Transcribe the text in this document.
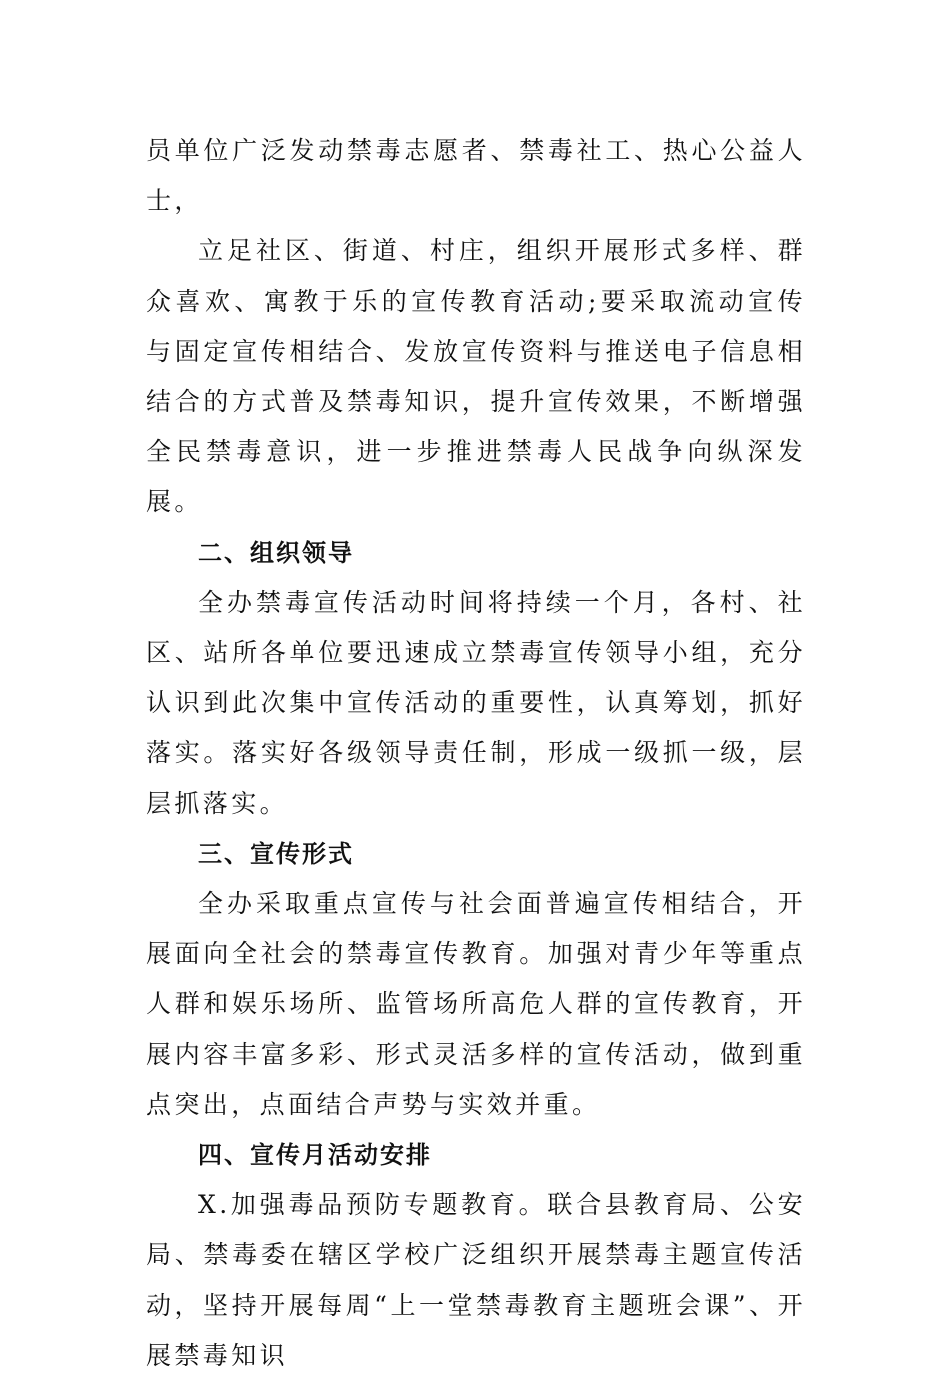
员单位广泛发动禁毒志愿者、禁毒社工、热心公益人士，

立足社区、街道、村庄，组织开展形式多样、群众喜欢、寓教于乐的宣传教育活动;要采取流动宣传与固定宣传相结合、发放宣传资料与推送电子信息相结合的方式普及禁毒知识，提升宣传效果，不断增强全民禁毒意识，进一步推进禁毒人民战争向纵深发展。

二、组织领导

全办禁毒宣传活动时间将持续一个月，各村、社区、站所各单位要迅速成立禁毒宣传领导小组，充分认识到此次集中宣传活动的重要性，认真筹划，抓好落实。落实好各级领导责任制，形成一级抓一级，层层抓落实。

三、宣传形式

全办采取重点宣传与社会面普遍宣传相结合，开展面向全社会的禁毒宣传教育。加强对青少年等重点人群和娱乐场所、监管场所高危人群的宣传教育，开展内容丰富多彩、形式灵活多样的宣传活动，做到重点突出，点面结合声势与实效并重。

四、宣传月活动安排

X.加强毒品预防专题教育。联合县教育局、公安局、禁毒委在辖区学校广泛组织开展禁毒主题宣传活动，坚持开展每周“上一堂禁毒教育主题班会课”、开展禁毒知识
